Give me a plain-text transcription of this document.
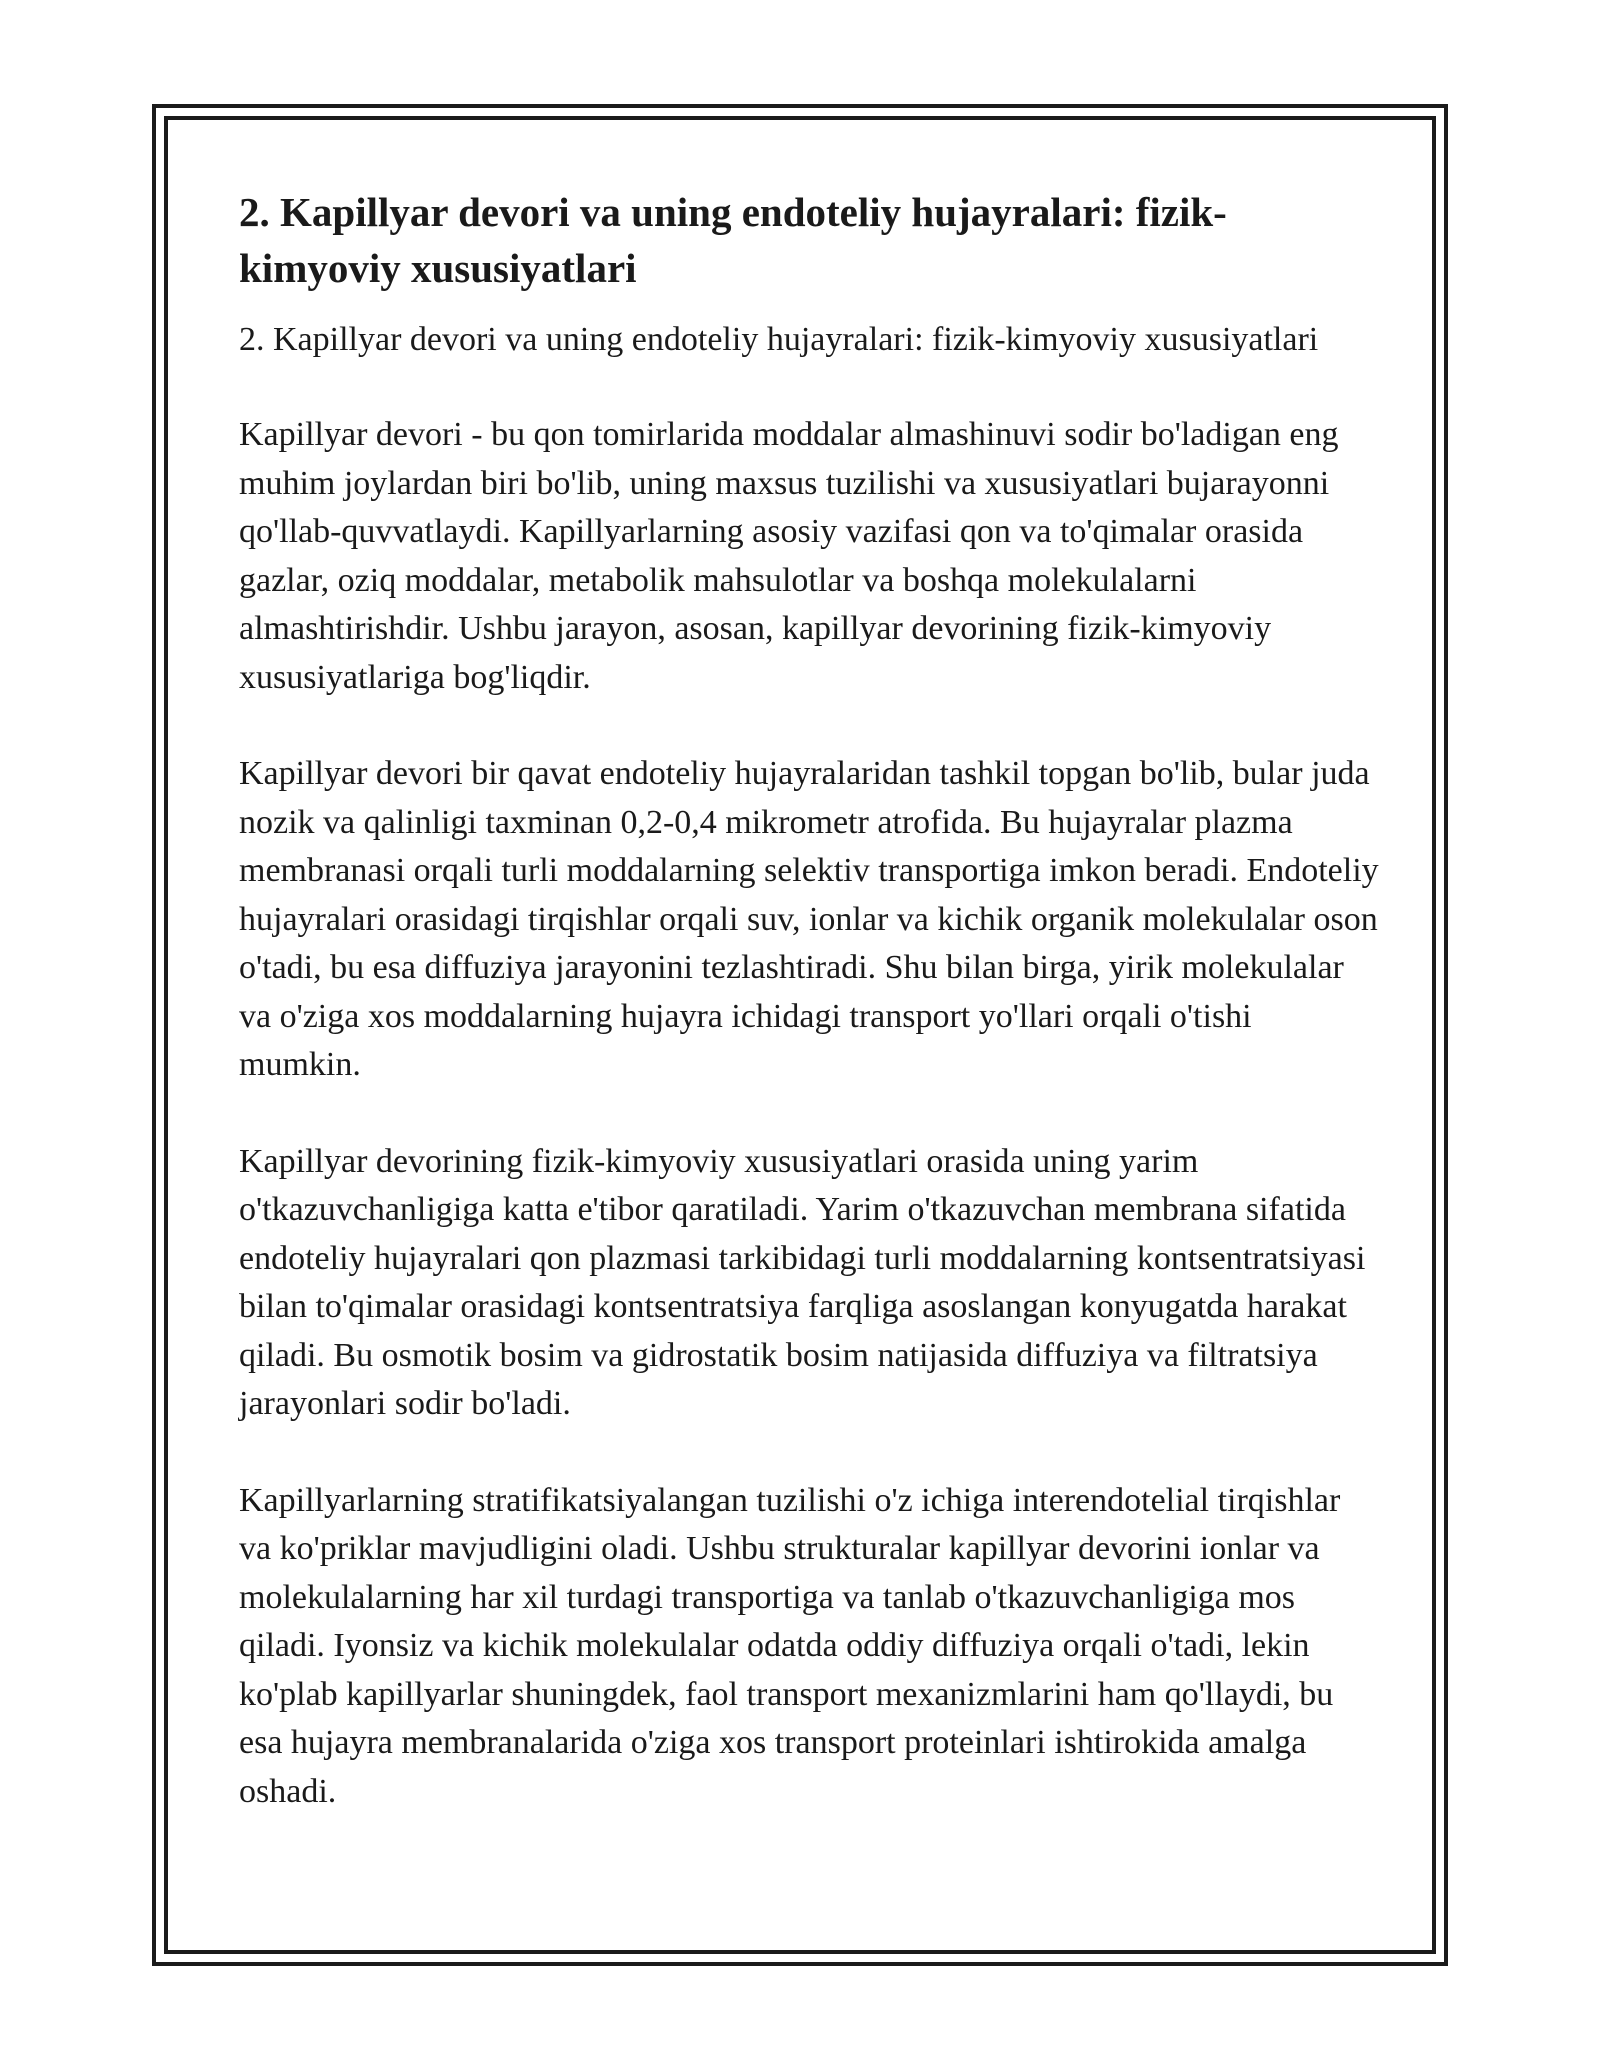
2. Kapillyar devori va uning endoteliy hujayralari: fizik-kimyoviy xususiyatlari

2. Kapillyar devori va uning endoteliy hujayralari: fizik-kimyoviy xususiyatlari

Kapillyar devori - bu qon tomirlarida moddalar almashinuvi sodir bo'ladigan eng muhim joylardan biri bo'lib, uning maxsus tuzilishi va xususiyatlari bujarayonni qo'llab-quvvatlaydi. Kapillyarlarning asosiy vazifasi qon va to'qimalar orasida gazlar, oziq moddalar, metabolik mahsulotlar va boshqa molekulalarni almashtirishdir. Ushbu jarayon, asosan, kapillyar devorining fizik-kimyoviy xususiyatlariga bog'liqdir.

Kapillyar devori bir qavat endoteliy hujayralaridan tashkil topgan bo'lib, bular juda nozik va qalinligi taxminan 0,2-0,4 mikrometr atrofida. Bu hujayralar plazma membranasi orqali turli moddalarning selektiv transportiga imkon beradi. Endoteliy hujayralari orasidagi tirqishlar orqali suv, ionlar va kichik organik molekulalar oson o'tadi, bu esa diffuziya jarayonini tezlashtiradi. Shu bilan birga, yirik molekulalar va o'ziga xos moddalarning hujayra ichidagi transport yo'llari orqali o'tishi mumkin.

Kapillyar devorining fizik-kimyoviy xususiyatlari orasida uning yarim o'tkazuvchanligiga katta e'tibor qaratiladi. Yarim o'tkazuvchan membrana sifatida endoteliy hujayralari qon plazmasi tarkibidagi turli moddalarning kontsentratsiyasi bilan to'qimalar orasidagi kontsentratsiya farqliga asoslangan konyugatda harakat qiladi. Bu osmotik bosim va gidrostatik bosim natijasida diffuziya va filtratsiya jarayonlari sodir bo'ladi.

Kapillyarlarning stratifikatsiyalangan tuzilishi o'z ichiga interendotelial tirqishlar va ko'priklar mavjudligini oladi. Ushbu strukturalar kapillyar devorini ionlar va molekulalarning har xil turdagi transportiga va tanlab o'tkazuvchanligiga mos qiladi. Iyonsiz va kichik molekulalar odatda oddiy diffuziya orqali o'tadi, lekin ko'plab kapillyarlar shuningdek, faol transport mexanizmlarini ham qo'llaydi, bu esa hujayra membranalarida o'ziga xos transport proteinlari ishtirokida amalga oshadi.
